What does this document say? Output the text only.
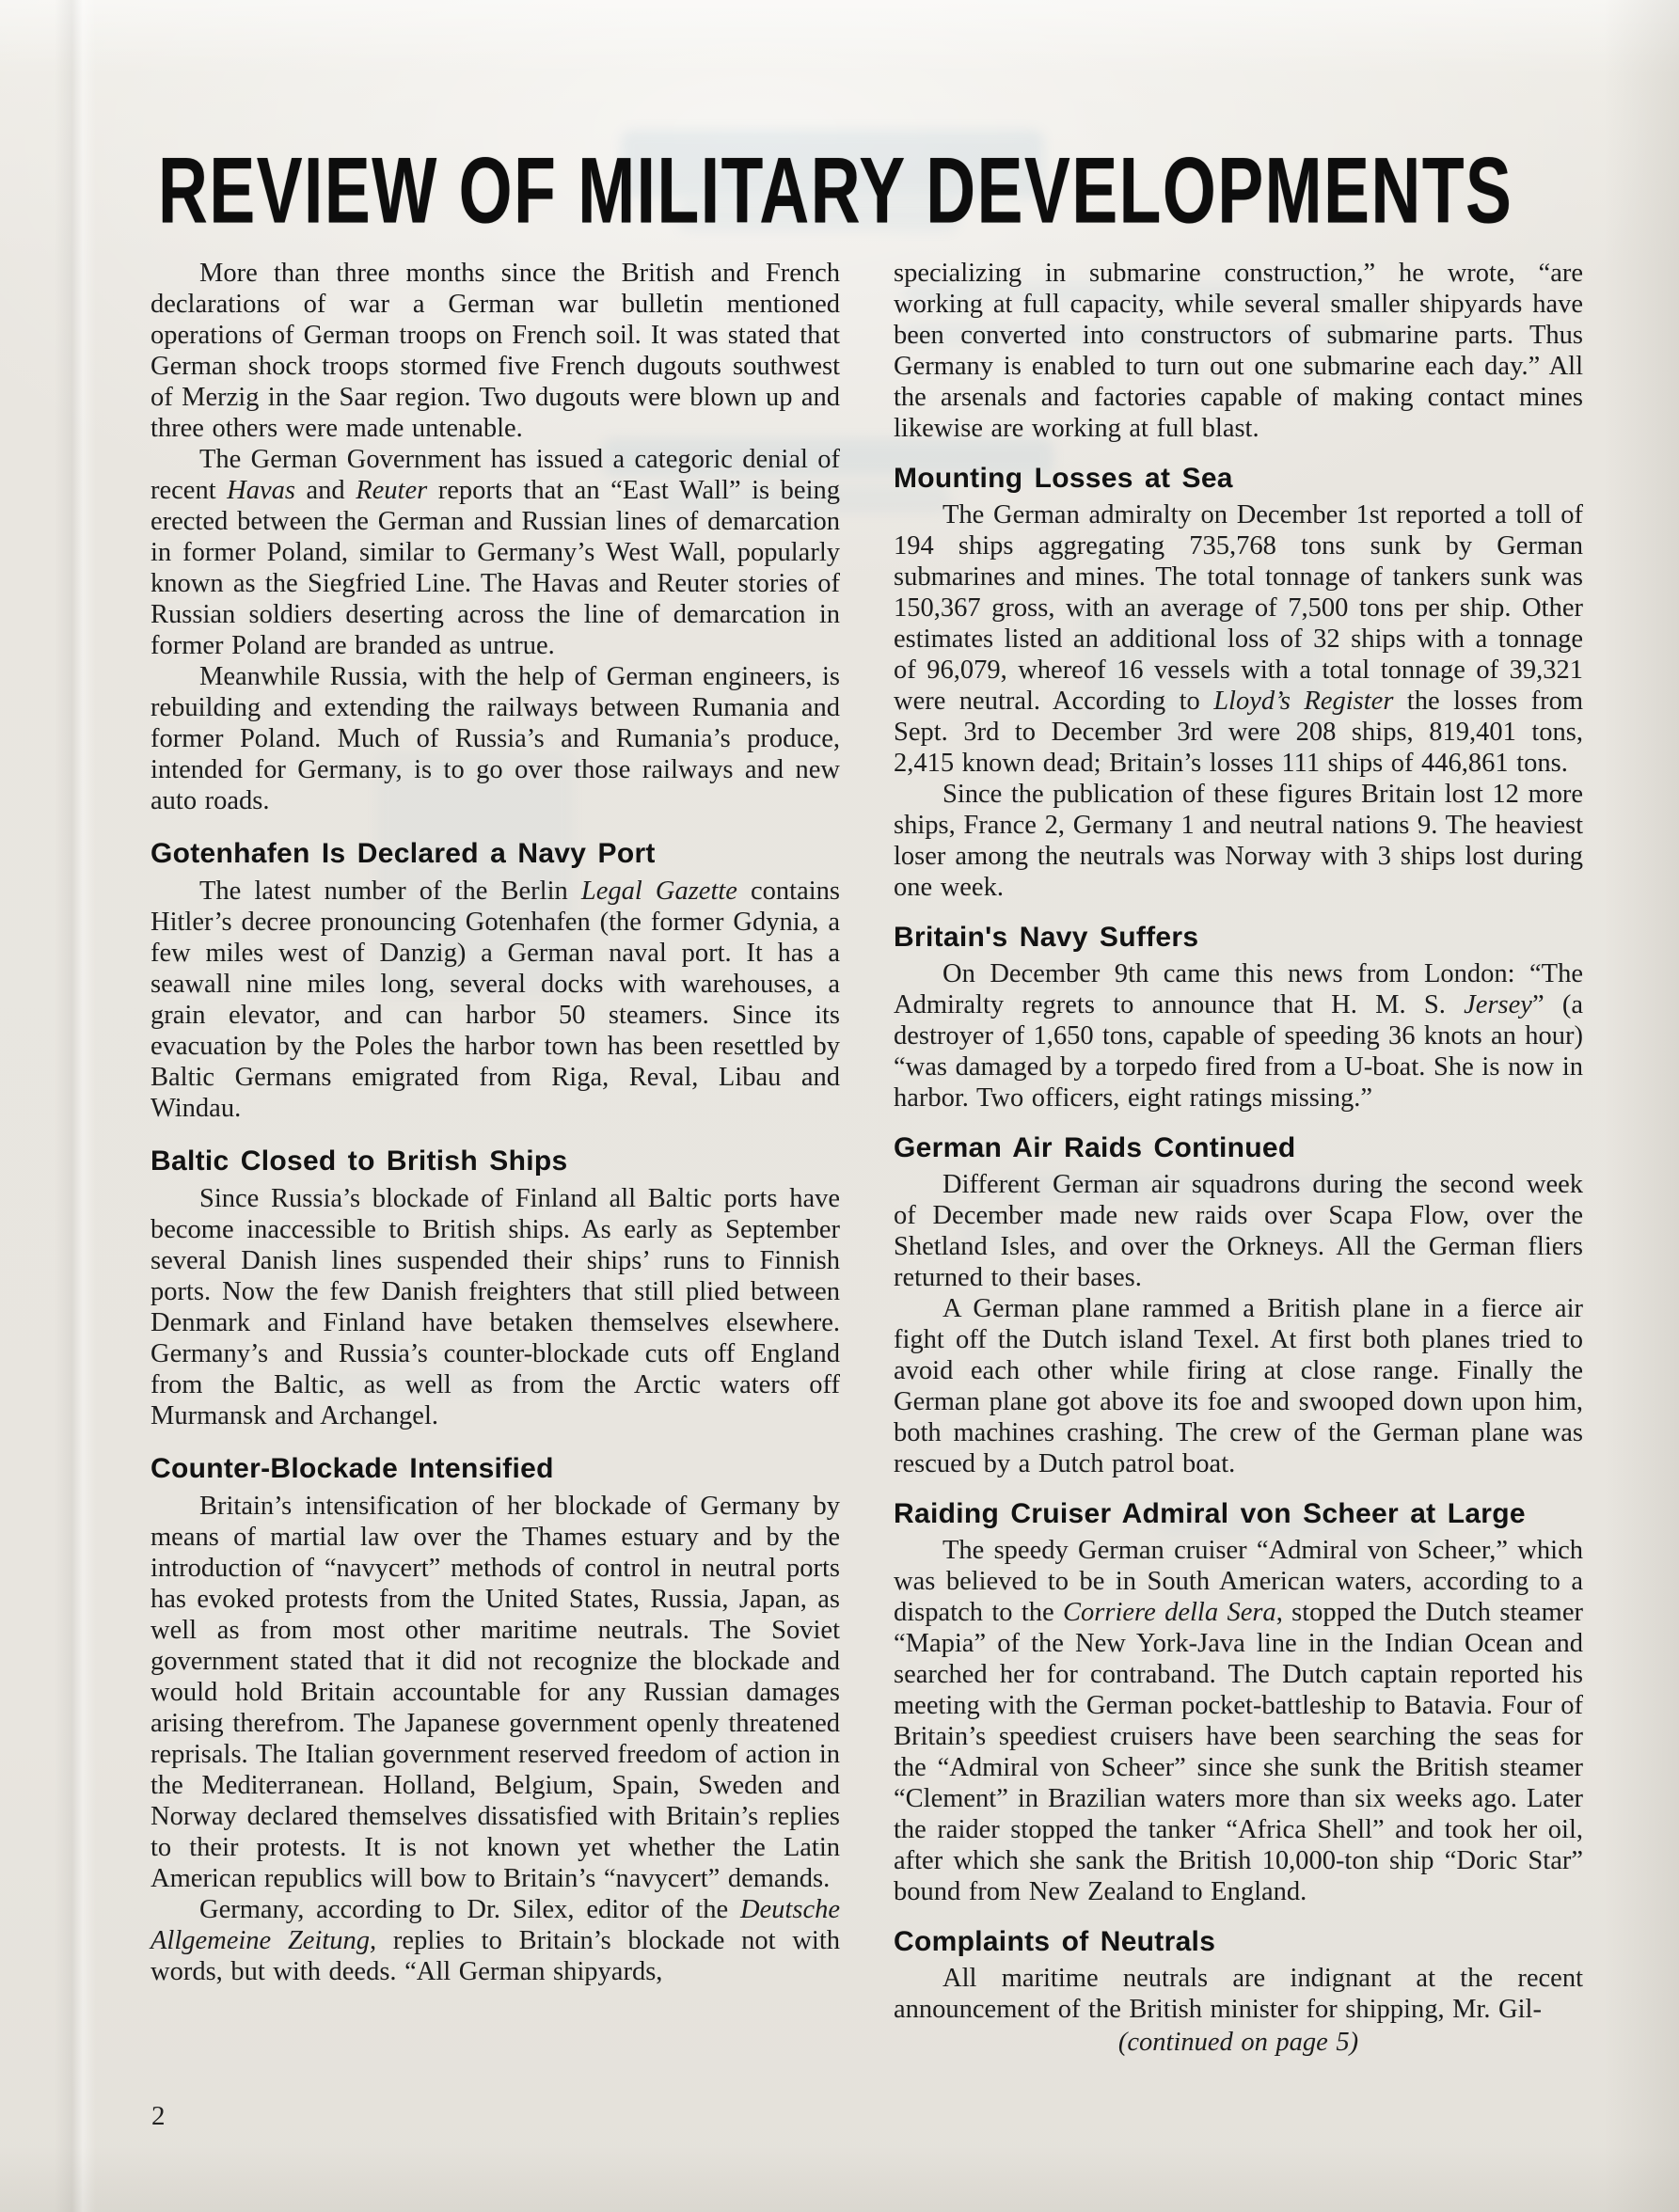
REVIEW OF MILITARY DEVELOPMENTS

More than three months since the British and French declarations of war a German war bulletin mentioned operations of German troops on French soil. It was stated that German shock troops stormed five French dugouts southwest of Merzig in the Saar region. Two dugouts were blown up and three others were made untenable.

The German Government has issued a categoric denial of recent Havas and Reuter reports that an “East Wall” is being erected between the German and Russian lines of demarcation in former Poland, similar to Germany’s West Wall, popularly known as the Siegfried Line. The Havas and Reuter stories of Russian soldiers deserting across the line of demarcation in former Poland are branded as untrue.

Meanwhile Russia, with the help of German engineers, is rebuilding and extending the railways between Rumania and former Poland. Much of Russia’s and Rumania’s produce, intended for Germany, is to go over those railways and new auto roads.

Gotenhafen Is Declared a Navy Port

The latest number of the Berlin Legal Gazette contains Hitler’s decree pronouncing Gotenhafen (the former Gdynia, a few miles west of Danzig) a German naval port. It has a seawall nine miles long, several docks with warehouses, a grain elevator, and can harbor 50 steamers. Since its evacuation by the Poles the harbor town has been resettled by Baltic Germans emigrated from Riga, Reval, Libau and Windau.

Baltic Closed to British Ships

Since Russia’s blockade of Finland all Baltic ports have become inaccessible to British ships. As early as September several Danish lines suspended their ships’ runs to Finnish ports. Now the few Danish freighters that still plied between Denmark and Finland have betaken themselves elsewhere. Germany’s and Russia’s counter-blockade cuts off England from the Baltic, as well as from the Arctic waters off Murmansk and Archangel.

Counter-Blockade Intensified

Britain’s intensification of her blockade of Germany by means of martial law over the Thames estuary and by the introduction of “navycert” methods of control in neutral ports has evoked protests from the United States, Russia, Japan, as well as from most other maritime neutrals. The Soviet government stated that it did not recognize the blockade and would hold Britain accountable for any Russian damages arising therefrom. The Japanese government openly threatened reprisals. The Italian government reserved freedom of action in the Mediterranean. Holland, Belgium, Spain, Sweden and Norway declared themselves dissatisfied with Britain’s replies to their protests. It is not known yet whether the Latin American republics will bow to Britain’s “navycert” demands.

Germany, according to Dr. Silex, editor of the Deutsche Allgemeine Zeitung, replies to Britain’s blockade not with words, but with deeds. “All German shipyards,

specializing in submarine construction,” he wrote, “are working at full capacity, while several smaller shipyards have been converted into constructors of submarine parts. Thus Germany is enabled to turn out one submarine each day.” All the arsenals and factories capable of making contact mines likewise are working at full blast.

Mounting Losses at Sea

The German admiralty on December 1st reported a toll of 194 ships aggregating 735,768 tons sunk by German submarines and mines. The total tonnage of tankers sunk was 150,367 gross, with an average of 7,500 tons per ship. Other estimates listed an additional loss of 32 ships with a tonnage of 96,079, whereof 16 vessels with a total tonnage of 39,321 were neutral. According to Lloyd’s Register the losses from Sept. 3rd to December 3rd were 208 ships, 819,401 tons, 2,415 known dead; Britain’s losses 111 ships of 446,861 tons.

Since the publication of these figures Britain lost 12 more ships, France 2, Germany 1 and neutral nations 9. The heaviest loser among the neutrals was Norway with 3 ships lost during one week.

Britain's Navy Suffers

On December 9th came this news from London: “The Admiralty regrets to announce that H. M. S. Jersey” (a destroyer of 1,650 tons, capable of speeding 36 knots an hour) “was damaged by a torpedo fired from a U-boat. She is now in harbor. Two officers, eight ratings missing.”

German Air Raids Continued

Different German air squadrons during the second week of December made new raids over Scapa Flow, over the Shetland Isles, and over the Orkneys. All the German fliers returned to their bases.

A German plane rammed a British plane in a fierce air fight off the Dutch island Texel. At first both planes tried to avoid each other while firing at close range. Finally the German plane got above its foe and swooped down upon him, both machines crashing. The crew of the German plane was rescued by a Dutch patrol boat.

Raiding Cruiser Admiral von Scheer at Large

The speedy German cruiser “Admiral von Scheer,” which was believed to be in South American waters, according to a dispatch to the Corriere della Sera, stopped the Dutch steamer “Mapia” of the New York-Java line in the Indian Ocean and searched her for contraband. The Dutch captain reported his meeting with the German pocket-battleship to Batavia. Four of Britain’s speediest cruisers have been searching the seas for the “Admiral von Scheer” since she sunk the British steamer “Clement” in Brazilian waters more than six weeks ago. Later the raider stopped the tanker “Africa Shell” and took her oil, after which she sank the British 10,000-ton ship “Doric Star” bound from New Zealand to England.

Complaints of Neutrals

All maritime neutrals are indignant at the recent announcement of the British minister for shipping, Mr. Gil-

(continued on page 5)

2
